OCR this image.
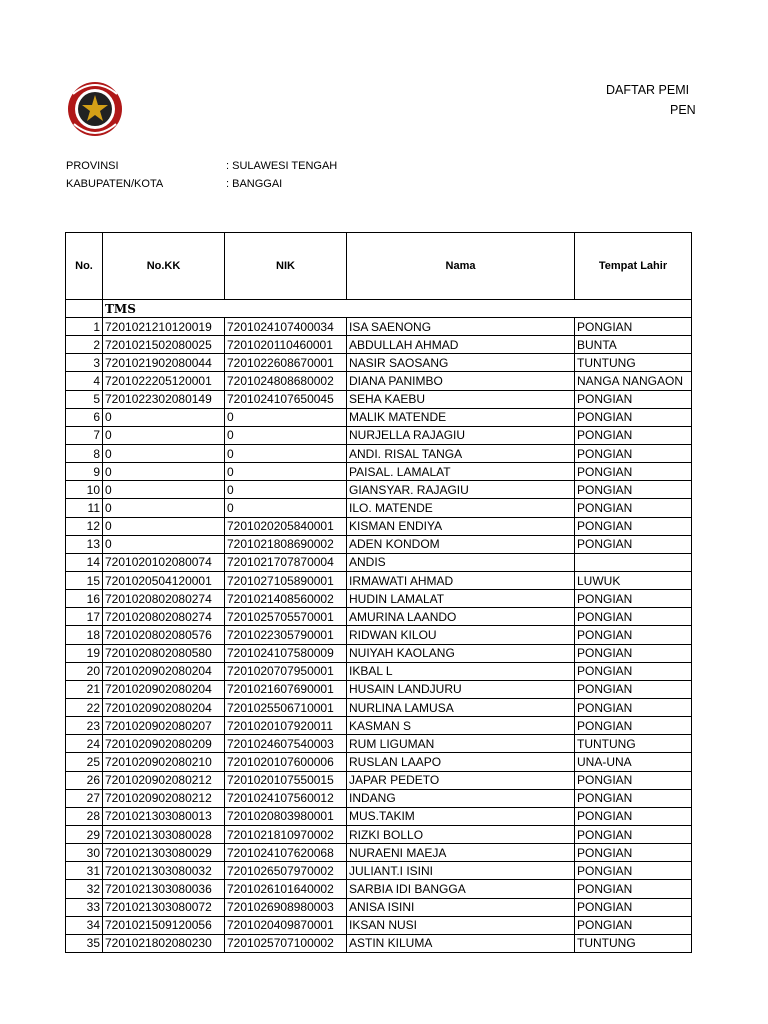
DAFTAR PEMI
PEN
PROVINSI	: SULAWESI TENGAH
KABUPATEN/KOTA	: BANGGAI
No.	No.KK	NIK	Nama	Tempat Lahir
	TMS			
1	7201021210120019	7201024107400034	ISA SAENONG	PONGIAN
2	7201021502080025	7201020110460001	ABDULLAH AHMAD	BUNTA
3	7201021902080044	7201022608670001	NASIR SAOSANG	TUNTUNG
4	7201022205120001	7201024808680002	DIANA PANIMBO	NANGA NANGAON
5	7201022302080149	7201024107650045	SEHA KAEBU	PONGIAN
6	0	0	MALIK MATENDE	PONGIAN
7	0	0	NURJELLA RAJAGIU	PONGIAN
8	0	0	ANDI. RISAL TANGA	PONGIAN
9	0	0	PAISAL. LAMALAT	PONGIAN
10	0	0	GIANSYAR. RAJAGIU	PONGIAN
11	0	0	ILO. MATENDE	PONGIAN
12	0	7201020205840001	KISMAN ENDIYA	PONGIAN
13	0	7201021808690002	ADEN KONDOM	PONGIAN
14	7201020102080074	7201021707870004	ANDIS	
15	7201020504120001	7201027105890001	IRMAWATI AHMAD	LUWUK
16	7201020802080274	7201021408560002	HUDIN LAMALAT	PONGIAN
17	7201020802080274	7201025705570001	AMURINA LAANDO	PONGIAN
18	7201020802080576	7201022305790001	RIDWAN KILOU	PONGIAN
19	7201020802080580	7201024107580009	NUIYAH KAOLANG	PONGIAN
20	7201020902080204	7201020707950001	IKBAL L	PONGIAN
21	7201020902080204	7201021607690001	HUSAIN LANDJURU	PONGIAN
22	7201020902080204	7201025506710001	NURLINA LAMUSA	PONGIAN
23	7201020902080207	7201020107920011	KASMAN S	PONGIAN
24	7201020902080209	7201024607540003	RUM LIGUMAN	TUNTUNG
25	7201020902080210	7201020107600006	RUSLAN LAAPO	UNA-UNA
26	7201020902080212	7201020107550015	JAPAR PEDETO	PONGIAN
27	7201020902080212	7201024107560012	INDANG	PONGIAN
28	7201021303080013	7201020803980001	MUS.TAKIM	PONGIAN
29	7201021303080028	7201021810970002	RIZKI BOLLO	PONGIAN
30	7201021303080029	7201024107620068	NURAENI MAEJA	PONGIAN
31	7201021303080032	7201026507970002	JULIANT.I ISINI	PONGIAN
32	7201021303080036	7201026101640002	SARBIA IDI BANGGA	PONGIAN
33	7201021303080072	7201026908980003	ANISA ISINI	PONGIAN
34	7201021509120056	7201020409870001	IKSAN NUSI	PONGIAN
35	7201021802080230	7201025707100002	ASTIN KILUMA	TUNTUNG
